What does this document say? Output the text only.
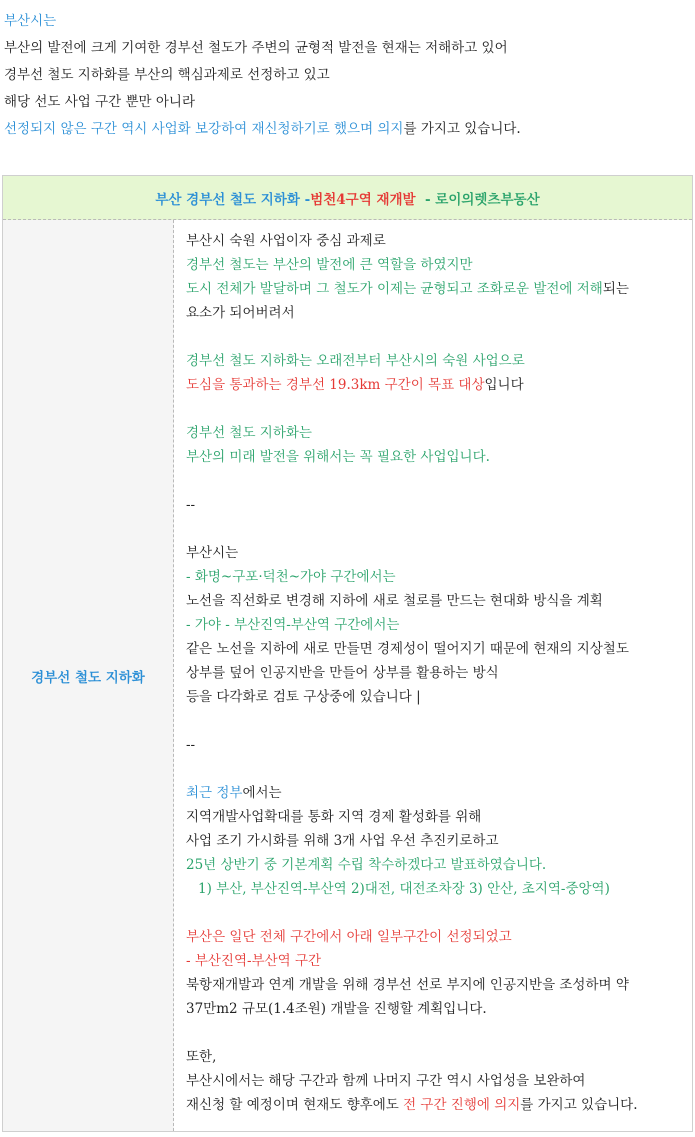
부산시는

부산의 발전에 크게 기여한 경부선 철도가 주변의 균형적 발전을 현재는 저해하고 있어

경부선 철도 지하화를 부산의 핵심과제로 선정하고 있고

해당 선도 사업 구간 뿐만 아니라

선정되지 않은 구간 역시 사업화 보강하여 재신청하기로 했으며 의지를 가지고 있습니다.

부산 경부선 철도 지하화 - 범천4구역 재개발 - 로이의렛츠부동산
경부선 철도 지하화

부산시 숙원 사업이자 중심 과제로

경부선 철도는 부산의 발전에 큰 역할을 하였지만

도시 전체가 발달하며 그 철도가 이제는 균형되고 조화로운 발전에 저해되는

요소가 되어버려서

경부선 철도 지하화는 오래전부터 부산시의 숙원 사업으로

도심을 통과하는 경부선 19.3km 구간이 목표 대상입니다

경부선 철도 지하화는

부산의 미래 발전을 위해서는 꼭 필요한 사업입니다.

--

부산시는

- 화명~구포·덕천~가야 구간에서는

노선을 직선화로 변경해 지하에 새로 철로를 만드는 현대화 방식을 계획

- 가야 - 부산진역-부산역 구간에서는

같은 노선을 지하에 새로 만들면 경제성이 떨어지기 때문에 현재의 지상철도

상부를 덮어 인공지반을 만들어 상부를 활용하는 방식

등을 다각화로 검토 구상중에 있습니다 |

--

최근 정부에서는

지역개발사업확대를 통화 지역 경제 활성화를 위해

사업 조기 가시화를 위해 3개 사업 우선 추진키로하고

25년 상반기 중 기본계획 수립 착수하겠다고 발표하였습니다.

1) 부산, 부산진역-부산역 2)대전, 대전조차장 3) 안산, 초지역-중앙역)

부산은 일단 전체 구간에서 아래 일부구간이 선정되었고

- 부산진역-부산역 구간

북항재개발과 연계 개발을 위해 경부선 선로 부지에 인공지반을 조성하며 약

37만m2 규모(1.4조원) 개발을 진행할 계획입니다.

또한,

부산시에서는 해당 구간과 함께 나머지 구간 역시 사업성을 보완하여

재신청 할 예정이며 현재도 향후에도 전 구간 진행에 의지를 가지고 있습니다.
